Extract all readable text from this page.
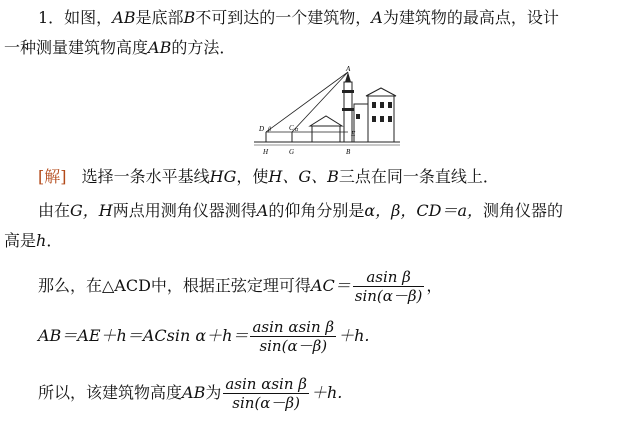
1．如图，AB是底部B不可到达的一个建筑物，A为建筑物的最高点，设计
一种测量建筑物高度AB的方法．
A
D β	C α	E
H	G	B
[解] 选择一条水平基线HG，使H、G、B三点在同一条直线上．
由在G，H两点用测角仪器测得A的仰角分别是α，β，CD＝a，测角仪器的
高是h．
那么，在△ACD中，根据正弦定理可得$AC= \frac{\text{asin β}}{\sin(\alpha-\beta)}$ ，
AB＝AE＋h＝ACsin $\alpha+h= \frac{\text{asin αsin β}}{\sin(\alpha-\beta)} +h$.
所以，该建筑物高度AB为 $\frac{\text{asin αsin β}}{\sin(\alpha-\beta)} +h$.
